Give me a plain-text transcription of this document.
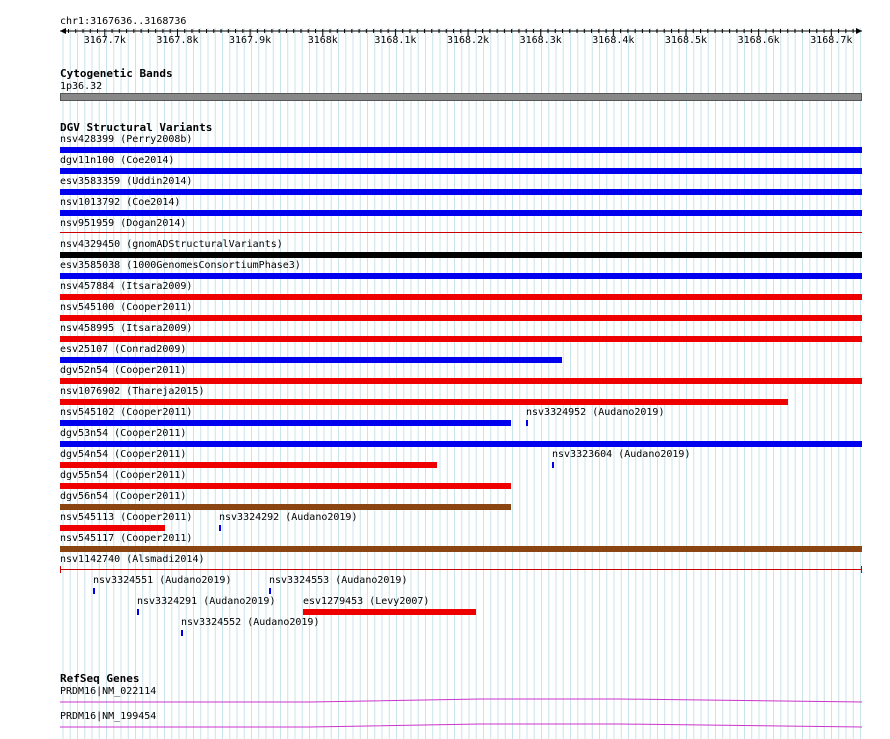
chr1:3167636..3168736
3167.7k	3167.8k	3167.9k	3168k	3168.1k	3168.2k	3168.3k	3168.4k	3168.5k	3168.6k	3168.7k
Cytogenetic Bands
1p36.32
DGV Structural Variants
nsv428399 (Perry2008b)
dgv11n100 (Coe2014)
esv3583359 (Uddin2014)
nsv1013792 (Coe2014)
nsv951959 (Dogan2014)
nsv4329450 (gnomADStructuralVariants)
esv3585038 (1000GenomesConsortiumPhase3)
nsv457884 (Itsara2009)
nsv545100 (Cooper2011)
nsv458995 (Itsara2009)
esv25107 (Conrad2009)
dgv52n54 (Cooper2011)
nsv1076902 (Thareja2015)
nsv545102 (Cooper2011)	nsv3324952 (Audano2019)
dgv53n54 (Cooper2011)
dgv54n54 (Cooper2011)	nsv3323604 (Audano2019)
dgv55n54 (Cooper2011)
dgv56n54 (Cooper2011)
nsv545113 (Cooper2011)	nsv3324292 (Audano2019)
nsv545117 (Cooper2011)
nsv1142740 (Alsmadi2014)
nsv3324551 (Audano2019)	nsv3324553 (Audano2019)
nsv3324291 (Audano2019)	esv1279453 (Levy2007)
nsv3324552 (Audano2019)
RefSeq Genes
PRDM16|NM_022114
PRDM16|NM_199454
